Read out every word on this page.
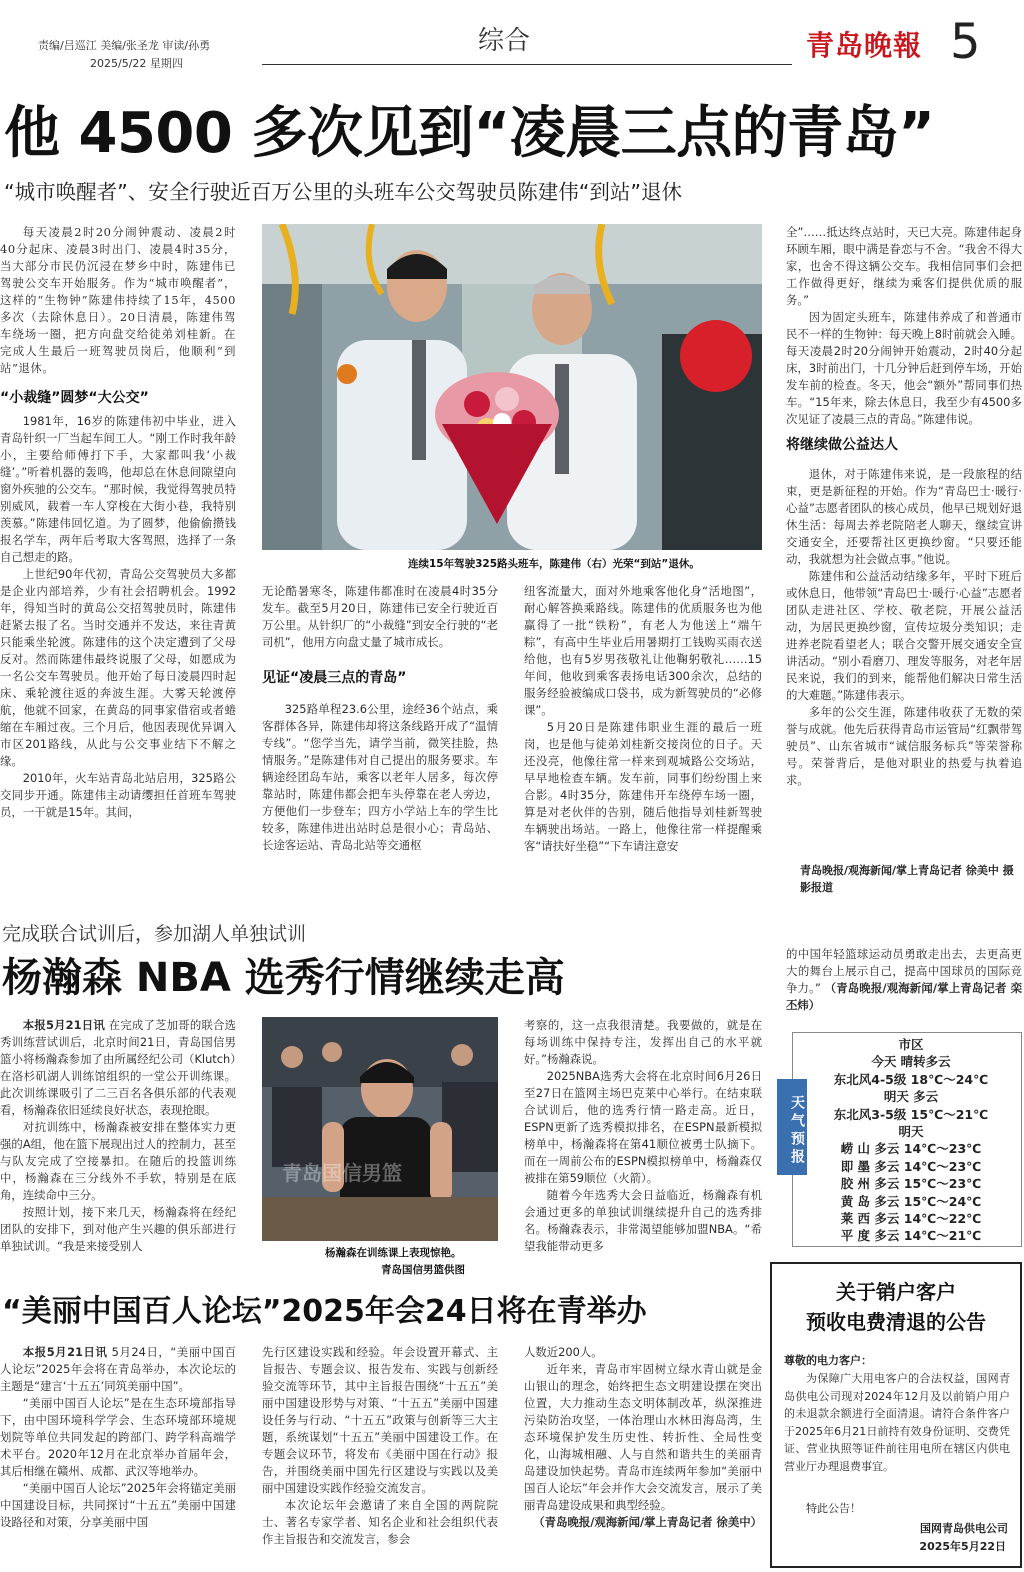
责编/吕巡江 美编/张圣龙 审读/孙勇
2025/5/22 星期四
综合	青岛晚報 5
他 4500 多次见到“凌晨三点的青岛”
“城市唤醒者”、安全行驶近百万公里的头班车公交驾驶员陈建伟“到站”退休

每天凌晨2时20分闹钟震动、凌晨2时40分起床、凌晨3时出门、凌晨4时35分，当大部分市民仍沉浸在梦乡中时，陈建伟已驾驶公交车开始服务。作为“城市唤醒者”，这样的“生物钟”陈建伟持续了15年，4500多次（去除休息日）。20日清晨，陈建伟驾车绕场一圈，把方向盘交给徒弟刘桂新。在完成人生最后一班驾驶员岗后，他顺利“到站”退休。

“小裁缝”圆梦“大公交”

1981年，16岁的陈建伟初中毕业，进入青岛针织一厂当起车间工人。“刚工作时我年龄小，主要给师傅打下手，大家都叫我‘小裁缝’。”听着机器的轰鸣，他却总在休息间隙望向窗外疾驰的公交车。“那时候，我觉得驾驶员特别威风，载着一车人穿梭在大街小巷，我特别羡慕。”陈建伟回忆道。为了圆梦，他偷偷攒钱报名学车，两年后考取大客驾照，选择了一条自己想走的路。

上世纪90年代初，青岛公交驾驶员大多都是企业内部培养，少有社会招聘机会。1992年，得知当时的黄岛公交招驾驶员时，陈建伟赶紧去报了名。当时交通并不发达，来往青黄只能乘坐轮渡。陈建伟的这个决定遭到了父母反对。然而陈建伟最终说服了父母，如愿成为一名公交车驾驶员。他开始了每日凌晨四时起床、乘轮渡往返的奔波生涯。大雾天轮渡停航，他就不回家，在黄岛的同事家借宿或者蜷缩在车厢过夜。三个月后，他因表现优异调入市区201路线，从此与公交事业结下不解之缘。

2010年，火车站青岛北站启用，325路公交同步开通。陈建伟主动请缨担任首班车驾驶员，一干就是15年。其间，

连续15年驾驶325路头班车，陈建伟（右）光荣“到站”退休。

无论酷暑寒冬，陈建伟都准时在凌晨4时35分发车。截至5月20日，陈建伟已安全行驶近百万公里。从针织厂的“小裁缝”到安全行驶的“老司机”，他用方向盘丈量了城市成长。

见证“凌晨三点的青岛”

325路单程23.6公里，途经36个站点，乘客群体各异，陈建伟却将这条线路开成了“温情专线”。“您学当先，请学当前，微笑挂脸，热情服务。”是陈建伟对自己提出的服务要求。车辆途经团岛车站，乘客以老年人居多，每次停靠站时，陈建伟都会把车头停靠在老人旁边，方便他们一步登车；四方小学站上车的学生比较多，陈建伟进出站时总是很小心；青岛站、长途客运站、青岛北站等交通枢

纽客流量大，面对外地乘客他化身“活地图”，耐心解答换乘路线。陈建伟的优质服务也为他赢得了一批“铁粉”，有老人为他送上“端午粽”，有高中生毕业后用暑期打工钱购买雨衣送给他，也有5岁男孩敬礼让他鞠躬敬礼……15年间，他收到乘客表扬电话300余次，总结的服务经验被编成口袋书，成为新驾驶员的“必修课”。

5月20日是陈建伟职业生涯的最后一班岗，也是他与徒弟刘桂新交接岗位的日子。天还没亮，他像往常一样来到观城路公交场站，早早地检查车辆。发车前，同事们纷纷围上来合影。4时35分，陈建伟开车绕停车场一圈，算是对老伙伴的告别，随后他指导刘桂新驾驶车辆驶出场站。一路上，他像往常一样提醒乘客“请扶好坐稳”“下车请注意安

全”……抵达终点站时，天已大亮。陈建伟起身环顾车厢，眼中满是眷恋与不舍。“我舍不得大家，也舍不得这辆公交车。我相信同事们会把工作做得更好，继续为乘客们提供优质的服务。”

因为固定头班车，陈建伟养成了和普通市民不一样的生物钟：每天晚上8时前就会入睡。每天凌晨2时20分闹钟开始震动，2时40分起床，3时前出门，十几分钟后赶到停车场，开始发车前的检查。冬天，他会“额外”帮同事们热车。“15年来，除去休息日，我至少有4500多次见证了凌晨三点的青岛。”陈建伟说。

将继续做公益达人

退休，对于陈建伟来说，是一段旅程的结束，更是新征程的开始。作为“青岛巴士·暖行·心益”志愿者团队的核心成员，他早已规划好退休生活：每周去养老院陪老人聊天，继续宣讲交通安全，还要帮社区更换纱窗。“只要还能动，我就想为社会做点事。”他说。

陈建伟和公益活动结缘多年，平时下班后或休息日，他带领“青岛巴士·暖行·心益”志愿者团队走进社区、学校、敬老院，开展公益活动，为居民更换纱窗，宣传垃圾分类知识；走进养老院看望老人；联合交警开展交通安全宣讲活动。“别小看磨刀、理发等服务，对老年居民来说，我们的到来，能帮他们解决日常生活的大难题。”陈建伟表示。

多年的公交生涯，陈建伟收获了无数的荣誉与成就。他先后获得青岛市运管局“红飘带驾驶员”、山东省城市“诚信服务标兵”等荣誉称号。荣誉背后，是他对职业的热爱与执着追求。

青岛晚报/观海新闻/掌上青岛记者 徐美中 摄影报道
完成联合试训后，参加湖人单独试训
杨瀚森 NBA 选秀行情继续走高

本报5月21日讯 在完成了芝加哥的联合选秀训练营试训后，北京时间21日，青岛国信男篮小将杨瀚森参加了由所属经纪公司（Klutch）在洛杉矶湖人训练馆组织的一堂公开训练课。此次训练课吸引了二三百名各俱乐部的代表观看，杨瀚森依旧延续良好状态，表现抢眼。

对抗训练中，杨瀚森被安排在整体实力更强的A组，他在篮下展现出过人的控制力，甚至与队友完成了空接暴扣。在随后的投篮训练中，杨瀚森在三分线外不手软，特别是在底角，连续命中三分。

按照计划，接下来几天，杨瀚森将在经纪团队的安排下，到对他产生兴趣的俱乐部进行单独试训。“我是来接受别人

青岛国信男篮
杨瀚森在训练课上表现惊艳。
青岛国信男篮供图

考察的，这一点我很清楚。我要做的，就是在每场训练中保持专注，发挥出自己的水平就好。”杨瀚森说。

2025NBA选秀大会将在北京时间6月26日至27日在篮网主场巴克莱中心举行。在结束联合试训后，他的选秀行情一路走高。近日，ESPN更新了选秀模拟排名，在ESPN最新模拟榜单中，杨瀚森将在第41顺位被勇士队摘下。而在一周前公布的ESPN模拟榜单中，杨瀚森仅被排在第59顺位（火箭）。

随着今年选秀大会日益临近，杨瀚森有机会通过更多的单独试训继续提升自己的选秀排名。杨瀚森表示，非常渴望能够加盟NBA。“希望我能带动更多

的中国年轻篮球运动员勇敢走出去，去更高更大的舞台上展示自己，提高中国球员的国际竞争力。” （青岛晚报/观海新闻/掌上青岛记者 栾丕炜）

天气预报
市区
今天 晴转多云
东北风4-5级 18℃～24℃
明天 多云
东北风3-5级 15℃～21℃
明天
崂 山 多云 14℃～23℃
即 墨 多云 14℃～23℃
胶 州 多云 15℃～23℃
黄 岛 多云 15℃～24℃
莱 西 多云 14℃～22℃
平 度 多云 14℃～21℃
“美丽中国百人论坛”2025年会24日将在青举办

本报5月21日讯 5月24日，“美丽中国百人论坛”2025年会将在青岛举办，本次论坛的主题是“建言‘十五五’同筑美丽中国”。

“美丽中国百人论坛”是在生态环境部指导下，由中国环境科学学会、生态环境部环境规划院等单位共同发起的跨部门、跨学科高端学术平台。2020年12月在北京举办首届年会，其后相继在赣州、成都、武汉等地举办。

“美丽中国百人论坛”2025年会将锚定美丽中国建设目标，共同探讨“十五五”美丽中国建设路径和对策，分享美丽中国

先行区建设实践和经验。年会设置开幕式、主旨报告、专题会议、报告发布、实践与创新经验交流等环节，其中主旨报告围绕“十五五”美丽中国建设形势与对策、“十五五”美丽中国建设任务与行动、“十五五”政策与创新等三大主题，系统谋划“十五五”美丽中国建设工作。在专题会议环节，将发布《美丽中国在行动》报告，并围绕美丽中国先行区建设与实践以及美丽中国建设实践作经验交流发言。

本次论坛年会邀请了来自全国的两院院士、著名专家学者、知名企业和社会组织代表作主旨报告和交流发言，参会

人数近200人。

近年来，青岛市牢固树立绿水青山就是金山银山的理念，始终把生态文明建设摆在突出位置，大力推动生态文明体制改革，纵深推进污染防治攻坚，一体治理山水林田海岛湾，生态环境保护发生历史性、转折性、全局性变化，山海城相融、人与自然和谐共生的美丽青岛建设加快起势。青岛市连续两年参加“美丽中国百人论坛”年会并作大会交流发言，展示了美丽青岛建设成果和典型经验。

（青岛晚报/观海新闻/掌上青岛记者 徐美中）

关于销户客户
预收电费清退的公告
尊敬的电力客户：
为保障广大用电客户的合法权益，国网青岛供电公司现对2024年12月及以前销户用户的未退款余额进行全面清退。请符合条件客户于2025年6月21日前持有效身份证明、交费凭证、营业执照等证件前往用电所在辖区内供电营业厅办理退费事宜。
特此公告！
国网青岛供电公司
2025年5月22日
